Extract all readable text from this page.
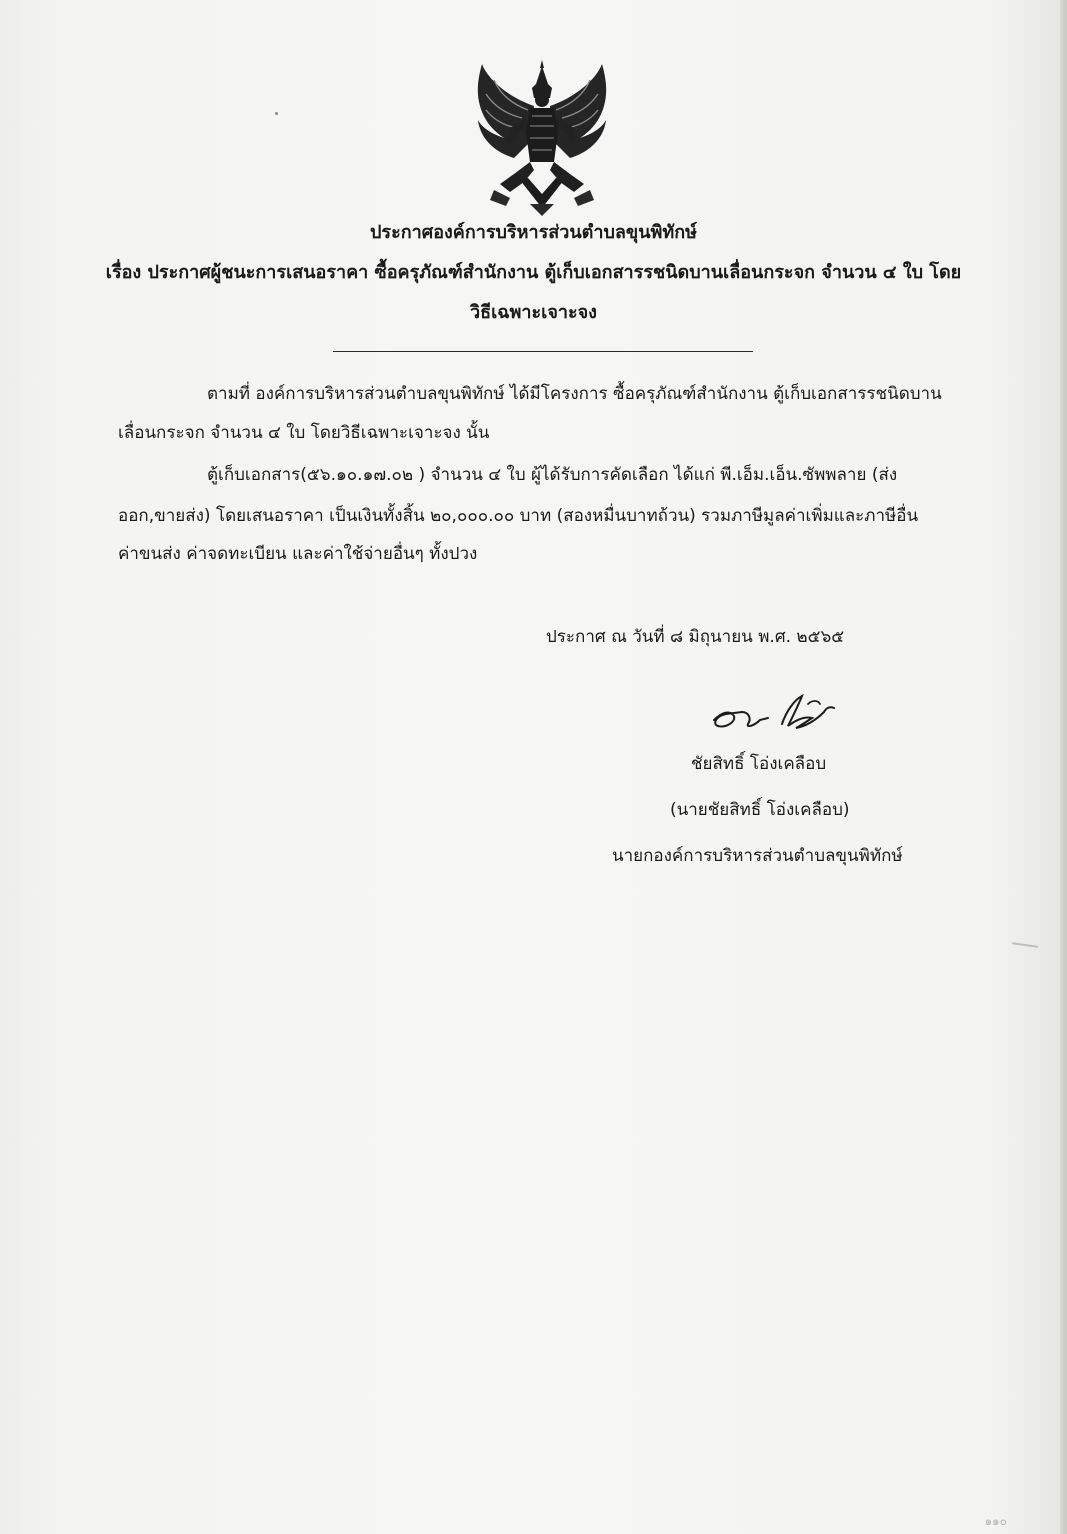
ประกาศองค์การบริหารส่วนตำบลขุนพิทักษ์
เรื่อง ประกาศผู้ชนะการเสนอราคา ซื้อครุภัณฑ์สำนักงาน ตู้เก็บเอกสารรชนิดบานเลื่อนกระจก จำนวน ๔ ใบ โดย
วิธีเฉพาะเจาะจง
ตามที่ องค์การบริหารส่วนตำบลขุนพิทักษ์ ได้มีโครงการ ซื้อครุภัณฑ์สำนักงาน ตู้เก็บเอกสารรชนิดบาน
เลื่อนกระจก จำนวน ๔ ใบ โดยวิธีเฉพาะเจาะจง นั้น
ตู้เก็บเอกสาร(๕๖.๑๐.๑๗.๐๒ ) จำนวน ๔ ใบ ผู้ได้รับการคัดเลือก ได้แก่ พี.เอ็ม.เอ็น.ซัพพลาย (ส่ง
ออก,ขายส่ง) โดยเสนอราคา เป็นเงินทั้งสิ้น ๒๐,๐๐๐.๐๐ บาท (สองหมื่นบาทถ้วน) รวมภาษีมูลค่าเพิ่มและภาษีอื่น
ค่าขนส่ง ค่าจดทะเบียน และค่าใช้จ่ายอื่นๆ ทั้งปวง
ประกาศ ณ วันที่ ๘ มิถุนายน พ.ศ. ๒๕๖๕
ชัยสิทธิ์ โอ่งเคลือบ
(นายชัยสิทธิ์ โอ่งเคลือบ)
นายกองค์การบริหารส่วนตำบลขุนพิทักษ์
๑๑๐
